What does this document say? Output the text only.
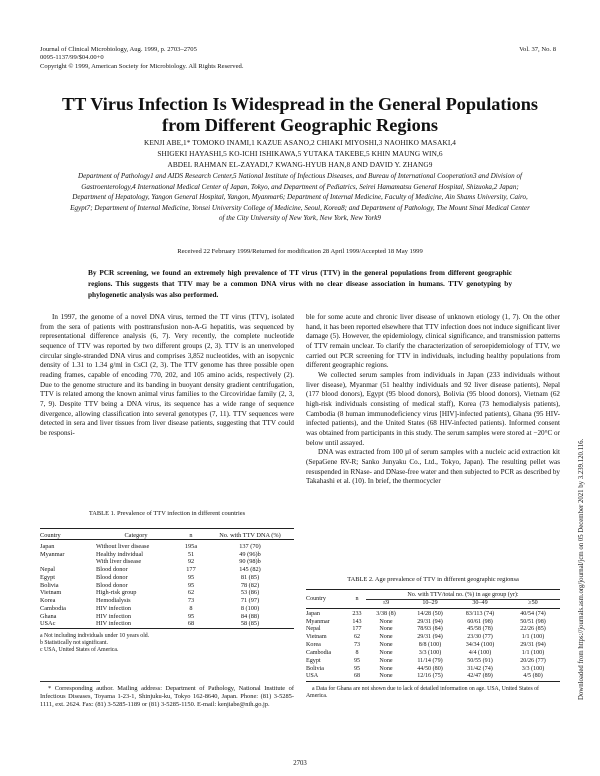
Journal of Clinical Microbiology, Aug. 1999, p. 2703–2705
0095-1137/99/$04.00+0
Copyright © 1999, American Society for Microbiology. All Rights Reserved.
Vol. 37, No. 8
TT Virus Infection Is Widespread in the General Populations from Different Geographic Regions
KENJI ABE,1* TOMOKO INAMI,1 KAZUE ASANO,2 CHIAKI MIYOSHI,3 NAOHIKO MASAKI,4
SHIGEKI HAYASHI,5 KO-ICHI ISHIKAWA,5 YUTAKA TAKEBE,5 KHIN MAUNG WIN,6
ABDEL RAHMAN EL-ZAYADI,7 KWANG-HYUB HAN,8 AND DAVID Y. ZHANG9
Department of Pathology1 and AIDS Research Center,5 National Institute of Infectious Diseases, and Bureau of International Cooperation3 and Division of Gastroenterology,4 International Medical Center of Japan, Tokyo, and Department of Pediatrics, Seirei Hamamatsu General Hospital, Shizuoka,2 Japan; Department of Hepatology, Yangon General Hospital, Yangon, Myanmar6; Department of Internal Medicine, Faculty of Medicine, Ain Shams University, Cairo, Egypt7; Department of Internal Medicine, Yonsei University College of Medicine, Seoul, Korea8; and Department of Pathology, The Mount Sinai Medical Center of the City University of New York, New York, New York9
Received 22 February 1999/Returned for modification 28 April 1999/Accepted 18 May 1999
By PCR screening, we found an extremely high prevalence of TT virus (TTV) in the general populations from different geographic regions. This suggests that TTV may be a common DNA virus with no clear disease association in humans. TTV genotyping by phylogenetic analysis was also performed.

In 1997, the genome of a novel DNA virus, termed the TT virus (TTV), isolated from the sera of patients with posttransfusion non-A-G hepatitis, was sequenced by representational difference analysis (6, 7). Very recently, the complete nucleotide sequence of TTV was reported by two different groups (2, 3). TTV is an unenveloped circular single-stranded DNA virus and comprises 3,852 nucleotides, with an isopycnic density of 1.31 to 1.34 g/ml in CsCl (2, 3). The TTV genome has three possible open reading frames, capable of encoding 770, 202, and 105 amino acids, respectively (2). Due to the genome structure and its banding in buoyant density gradient centrifugation, TTV is related among the known animal virus families to the Circoviridae family (2, 3, 7, 9). Despite TTV being a DNA virus, its sequence has a wide range of sequence divergence, allowing classification into several genotypes (7, 11). TTV sequences were detected in sera and liver tissues from liver disease patients, suggesting that TTV could be responsi-

TABLE 1. Prevalence of TTV infection in different countries

Country	Category	n	No. with TTV DNA (%)

Japan	Without liver disease	195a	137 (70)
Myanmar	Healthy individual	51	49 (96)b
	With liver disease	92	90 (98)b
Nepal	Blood donor	177	145 (82)
Egypt	Blood donor	95	81 (85)
Bolivia	Blood donor	95	78 (82)
Vietnam	High-risk group	62	53 (86)
Korea	Hemodialysis	73	71 (97)
Cambodia	HIV infection	8	8 (100)
Ghana	HIV infection	95	84 (88)
USAc	HIV infection	68	58 (85)

a Not including individuals under 10 years old.
b Statistically not significant.
c USA, United States of America.
* Corresponding author. Mailing address: Department of Pathology, National Institute of Infectious Diseases, Toyama 1-23-1, Shinjuku-ku, Tokyo 162-8640, Japan. Phone: (81) 3-5285-1111, ext. 2624. Fax: (81) 3-5285-1189 or (81) 3-5285-1150. E-mail: kenjiabe@nih.go.jp.

ble for some acute and chronic liver disease of unknown etiology (1, 7). On the other hand, it has been reported elsewhere that TTV infection does not induce significant liver damage (5). However, the epidemiology, clinical significance, and transmission patterns of TTV remain unclear. To clarify the characterization of seroepidemiology of TTV, we carried out PCR screening for TTV in individuals, including healthy populations from different geographic regions.

We collected serum samples from individuals in Japan (233 individuals without liver disease), Myanmar (51 healthy individuals and 92 liver disease patients), Nepal (177 blood donors), Egypt (95 blood donors), Bolivia (95 blood donors), Vietnam (62 high-risk individuals consisting of medical staff), Korea (73 hemodialysis patients), Cambodia (8 human immunodeficiency virus [HIV]-infected patients), Ghana (95 HIV-infected patients), and the United States (68 HIV-infected patients). Informed consent was obtained from participants in this study. The serum samples were stored at −20°C or below until assayed.

DNA was extracted from 100 µl of serum samples with a nucleic acid extraction kit (SepaGene RV-R; Sanko Junyaku Co., Ltd., Tokyo, Japan). The resulting pellet was resuspended in RNase- and DNase-free water and then subjected to PCR as described by Takahashi et al. (10). In brief, the thermocycler

TABLE 2. Age prevalence of TTV in different geographic regionsa

Country	n	No. with TTV/total no. (%) in age group (yr):			
		≤9	10–29	30–49	≥50

Japan	233	3/38 (8)	14/28 (50)	83/113 (74)	40/54 (74)
Myanmar	143	None	29/31 (94)	60/61 (98)	50/51 (98)
Nepal	177	None	78/93 (84)	45/58 (78)	22/26 (85)
Vietnam	62	None	29/31 (94)	23/30 (77)	1/1 (100)
Korea	73	None	8/8 (100)	34/34 (100)	29/31 (94)
Cambodia	8	None	3/3 (100)	4/4 (100)	1/1 (100)
Egypt	95	None	11/14 (79)	50/55 (91)	20/26 (77)
Bolivia	95	None	44/50 (80)	31/42 (74)	3/3 (100)
USA	68	None	12/16 (75)	42/47 (89)	4/5 (80)

a Data for Ghana are not shown due to lack of detailed information on age. USA, United States of America.
2703
Downloaded from https://journals.asm.org/journal/jcm on 05 December 2021 by 3.239.120.116.
